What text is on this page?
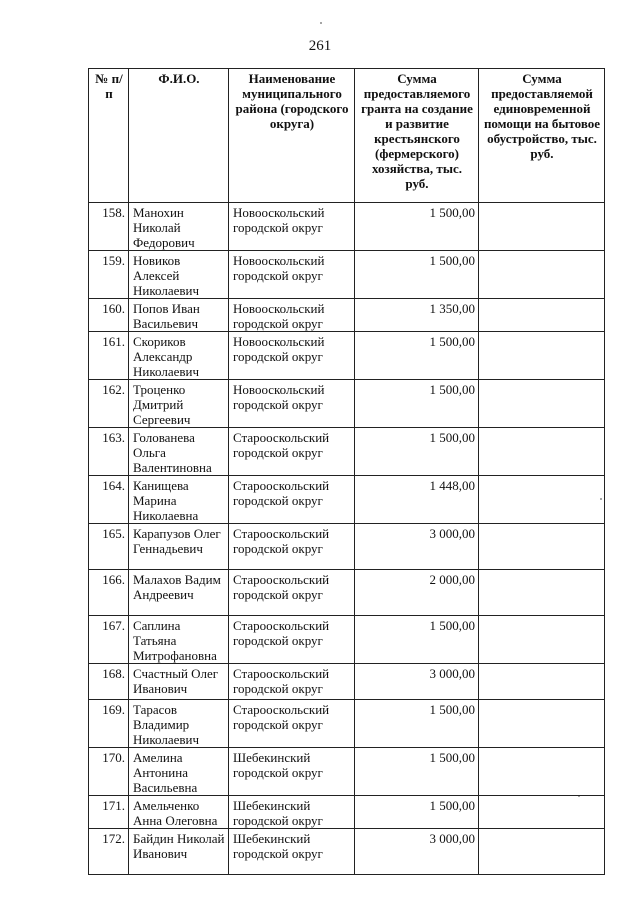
261
№ п/п	Ф.И.О.	Наименование муниципального района (городского округа)	Сумма предоставляемого гранта на создание и развитие крестьянского (фермерского) хозяйства, тыс. руб.	Сумма предоставляемой единовременной помощи на бытовое обустройство, тыс. руб.
158.	Манохин Николай Федорович	Новооскольский городской округ	1 500,00	
159.	Новиков Алексей Николаевич	Новооскольский городской округ	1 500,00	
160.	Попов Иван Васильевич	Новооскольский городской округ	1 350,00	
161.	Скориков Александр Николаевич	Новооскольский городской округ	1 500,00	
162.	Троценко Дмитрий Сергеевич	Новооскольский городской округ	1 500,00	
163.	Голованева Ольга Валентиновна	Старооскольский городской округ	1 500,00	
164.	Канищева Марина Николаевна	Старооскольский городской округ	1 448,00	
165.	Карапузов Олег Геннадьевич	Старооскольский городской округ	3 000,00	
166.	Малахов Вадим Андреевич	Старооскольский городской округ	2 000,00	
167.	Саплина Татьяна Митрофановна	Старооскольский городской округ	1 500,00	
168.	Счастный Олег Иванович	Старооскольский городской округ	3 000,00	
169.	Тарасов Владимир Николаевич	Старооскольский городской округ	1 500,00	
170.	Амелина Антонина Васильевна	Шебекинский городской округ	1 500,00	
171.	Амельченко Анна Олеговна	Шебекинский городской округ	1 500,00	
172.	Байдин Николай Иванович	Шебекинский городской округ	3 000,00	
